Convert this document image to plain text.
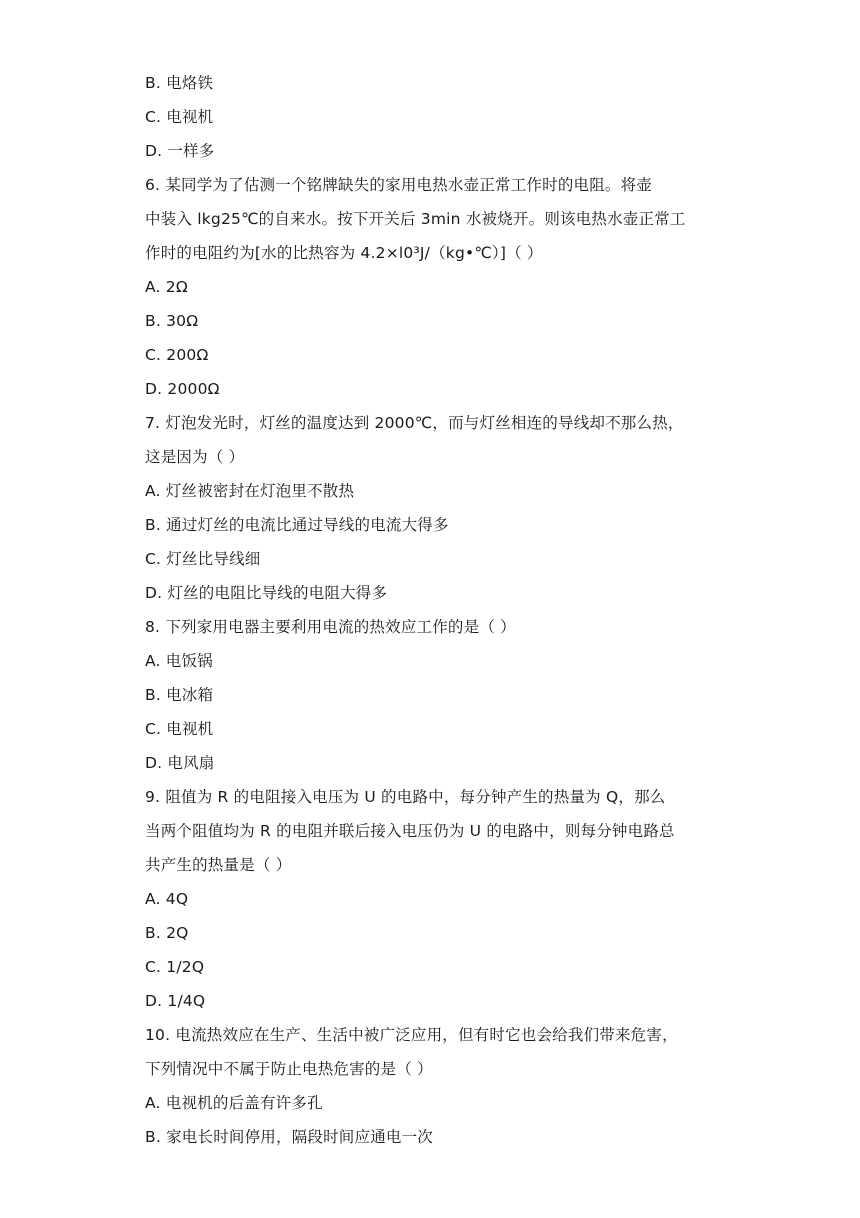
B. 电烙铁
C. 电视机
D. 一样多
6. 某同学为了估测一个铭牌缺失的家用电热水壶正常工作时的电阻。将壶
中装入 lkg25℃的自来水。按下开关后 3min 水被烧开。则该电热水壶正常工
作时的电阻约为[水的比热容为 4.2×l0³J/（kg•℃）]（ ）
A. 2Ω
B. 30Ω
C. 200Ω
D. 2000Ω
7. 灯泡发光时，灯丝的温度达到 2000℃，而与灯丝相连的导线却不那么热，
这是因为（ ）
A. 灯丝被密封在灯泡里不散热
B. 通过灯丝的电流比通过导线的电流大得多
C. 灯丝比导线细
D. 灯丝的电阻比导线的电阻大得多
8. 下列家用电器主要利用电流的热效应工作的是（ ）
A. 电饭锅
B. 电冰箱
C. 电视机
D. 电风扇
9. 阻值为 R 的电阻接入电压为 U 的电路中，每分钟产生的热量为 Q，那么
当两个阻值均为 R 的电阻并联后接入电压仍为 U 的电路中，则每分钟电路总
共产生的热量是（ ）
A. 4Q
B. 2Q
C. 1/2Q
D. 1/4Q
10. 电流热效应在生产、生活中被广泛应用，但有时它也会给我们带来危害，
下列情况中不属于防止电热危害的是（ ）
A. 电视机的后盖有许多孔
B. 家电长时间停用，隔段时间应通电一次
